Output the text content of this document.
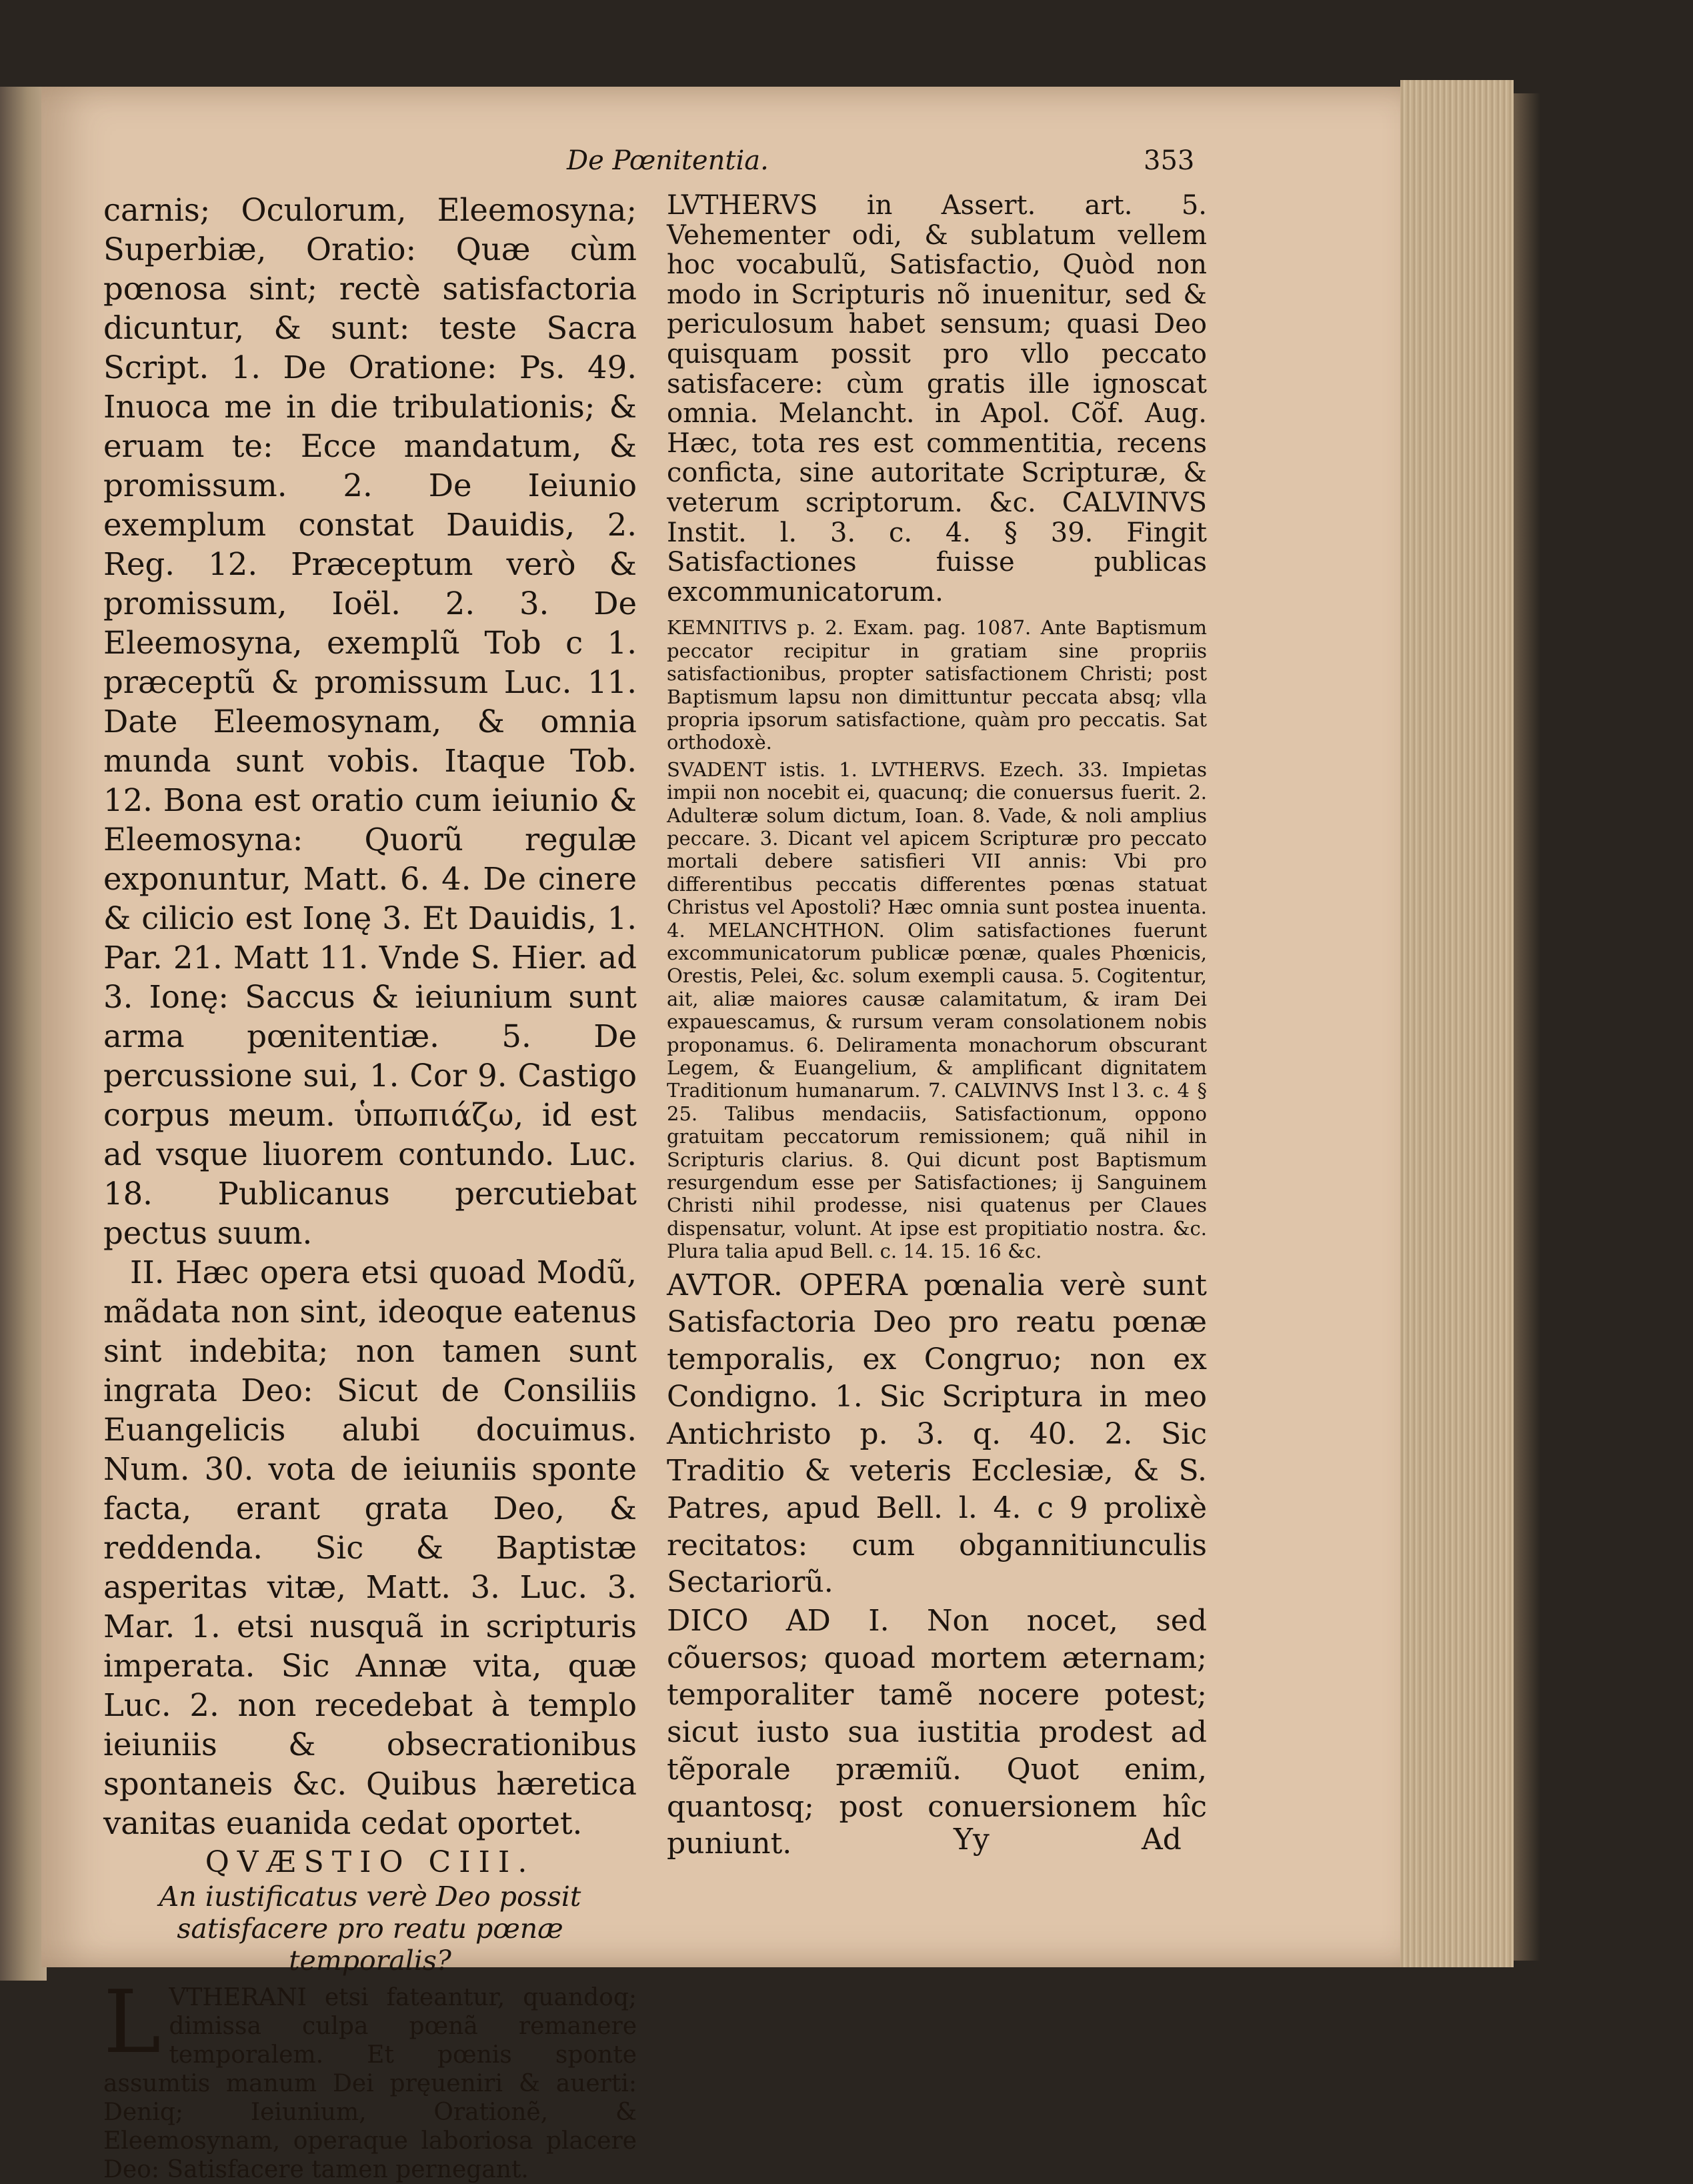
De Pœnitentia.	353

carnis; Oculorum, Eleemosyna; Superbiæ, Oratio: Quæ cùm pœnosa sint; rectè satisfactoria dicuntur, & sunt: teste Sacra Script. 1. De Oratione: Ps. 49. Inuoca me in die tribulationis; & eruam te: Ecce mandatum, & promissum. 2. De Ieiunio exemplum constat Dauidis, 2. Reg. 12. Præceptum verò & promissum, Ioël. 2. 3. De Eleemosyna, exemplũ Tob c 1. præceptũ & promissum Luc. 11. Date Eleemosynam, & omnia munda sunt vobis. Itaque Tob. 12. Bona est oratio cum ieiunio & Eleemosyna: Quorũ regulæ exponuntur, Matt. 6. 4. De cinere & cilicio est Ionę 3. Et Dauidis, 1. Par. 21. Matt 11. Vnde S. Hier. ad 3. Ionę: Saccus & ieiunium sunt arma pœnitentiæ. 5. De percussione sui, 1. Cor 9. Castigo corpus meum. ὑπωπιάζω, id est ad vsque liuorem contundo. Luc. 18. Publicanus percutiebat pectus suum.

II. Hæc opera etsi quoad Modũ, mãdata non sint, ideoque eatenus sint indebita; non tamen sunt ingrata Deo: Sicut de Consiliis Euangelicis alubi docuimus. Num. 30. vota de ieiuniis sponte facta, erant grata Deo, & reddenda. Sic & Baptistæ asperitas vitæ, Matt. 3. Luc. 3. Mar. 1. etsi nusquã in scripturis imperata. Sic Annæ vita, quæ Luc. 2. non recedebat à templo ieiuniis & obsecrationibus spontaneis &c. Quibus hæretica vanitas euanida cedat oportet.

QVÆSTIO CIII.
An iustificatus verè Deo possit satisfacere pro reatu pœnæ temporalis?
L VTHERANI etsi fateantur, quandoq; dimissa culpa pœnã remanere temporalem. Et pœnis sponte assumtis manum Dei pręueniri & auerti: Deniq; Ieiunium, Orationẽ, & Eleemosynam, operaque laboriosa placere Deo: Satisfacere tamen pernegant.

LVTHERVS in Assert. art. 5. Vehementer odi, & sublatum vellem hoc vocabulũ, Satisfactio, Quòd non modo in Scripturis nõ inuenitur, sed & periculosum habet sensum; quasi Deo quisquam possit pro vllo peccato satisfacere: cùm gratis ille ignoscat omnia. Melancht. in Apol. Cõf. Aug. Hæc, tota res est commentitia, recens conficta, sine autoritate Scripturæ, & veterum scriptorum. &c. CALVINVS Instit. l. 3. c. 4. § 39. Fingit Satisfactiones fuisse publicas excommunicatorum.

KEMNITIVS p. 2. Exam. pag. 1087. Ante Baptismum peccator recipitur in gratiam sine propriis satisfactionibus, propter satisfactionem Christi; post Baptismum lapsu non dimittuntur peccata absq; vlla propria ipsorum satisfactione, quàm pro peccatis. Sat orthodoxè.

SVADENT istis. 1. LVTHERVS. Ezech. 33. Impietas impii non nocebit ei, quacunq; die conuersus fuerit. 2. Adulteræ solum dictum, Ioan. 8. Vade, & noli amplius peccare. 3. Dicant vel apicem Scripturæ pro peccato mortali debere satisfieri VII annis: Vbi pro differentibus peccatis differentes pœnas statuat Christus vel Apostoli? Hæc omnia sunt postea inuenta. 4. MELANCHTHON. Olim satisfactiones fuerunt excommunicatorum publicæ pœnæ, quales Phœnicis, Orestis, Pelei, &c. solum exempli causa. 5. Cogitentur, ait, aliæ maiores causæ calamitatum, & iram Dei expauescamus, & rursum veram consolationem nobis proponamus. 6. Deliramenta monachorum obscurant Legem, & Euangelium, & amplificant dignitatem Traditionum humanarum. 7. CALVINVS Inst l 3. c. 4 § 25. Talibus mendaciis, Satisfactionum, oppono gratuitam peccatorum remissionem; quã nihil in Scripturis clarius. 8. Qui dicunt post Baptismum resurgendum esse per Satisfactiones; ij Sanguinem Christi nihil prodesse, nisi quatenus per Claues dispensatur, volunt. At ipse est propitiatio nostra. &c. Plura talia apud Bell. c. 14. 15. 16 &c.

AVTOR. OPERA pœnalia verè sunt Satisfactoria Deo pro reatu pœnæ temporalis, ex Congruo; non ex Condigno. 1. Sic Scriptura in meo Antichristo p. 3. q. 40. 2. Sic Traditio & veteris Ecclesiæ, & S. Patres, apud Bell. l. 4. c 9 prolixè recitatos: cum obgannitiunculis Sectariorũ.

DICO AD I. Non nocet, sed cõuersos; quoad mortem æternam; temporaliter tamẽ nocere potest; sicut iusto sua iustitia prodest ad tẽporale præmiũ. Quot enim, quantosq; post conuersionem hîc puniunt.	Yy	Ad
